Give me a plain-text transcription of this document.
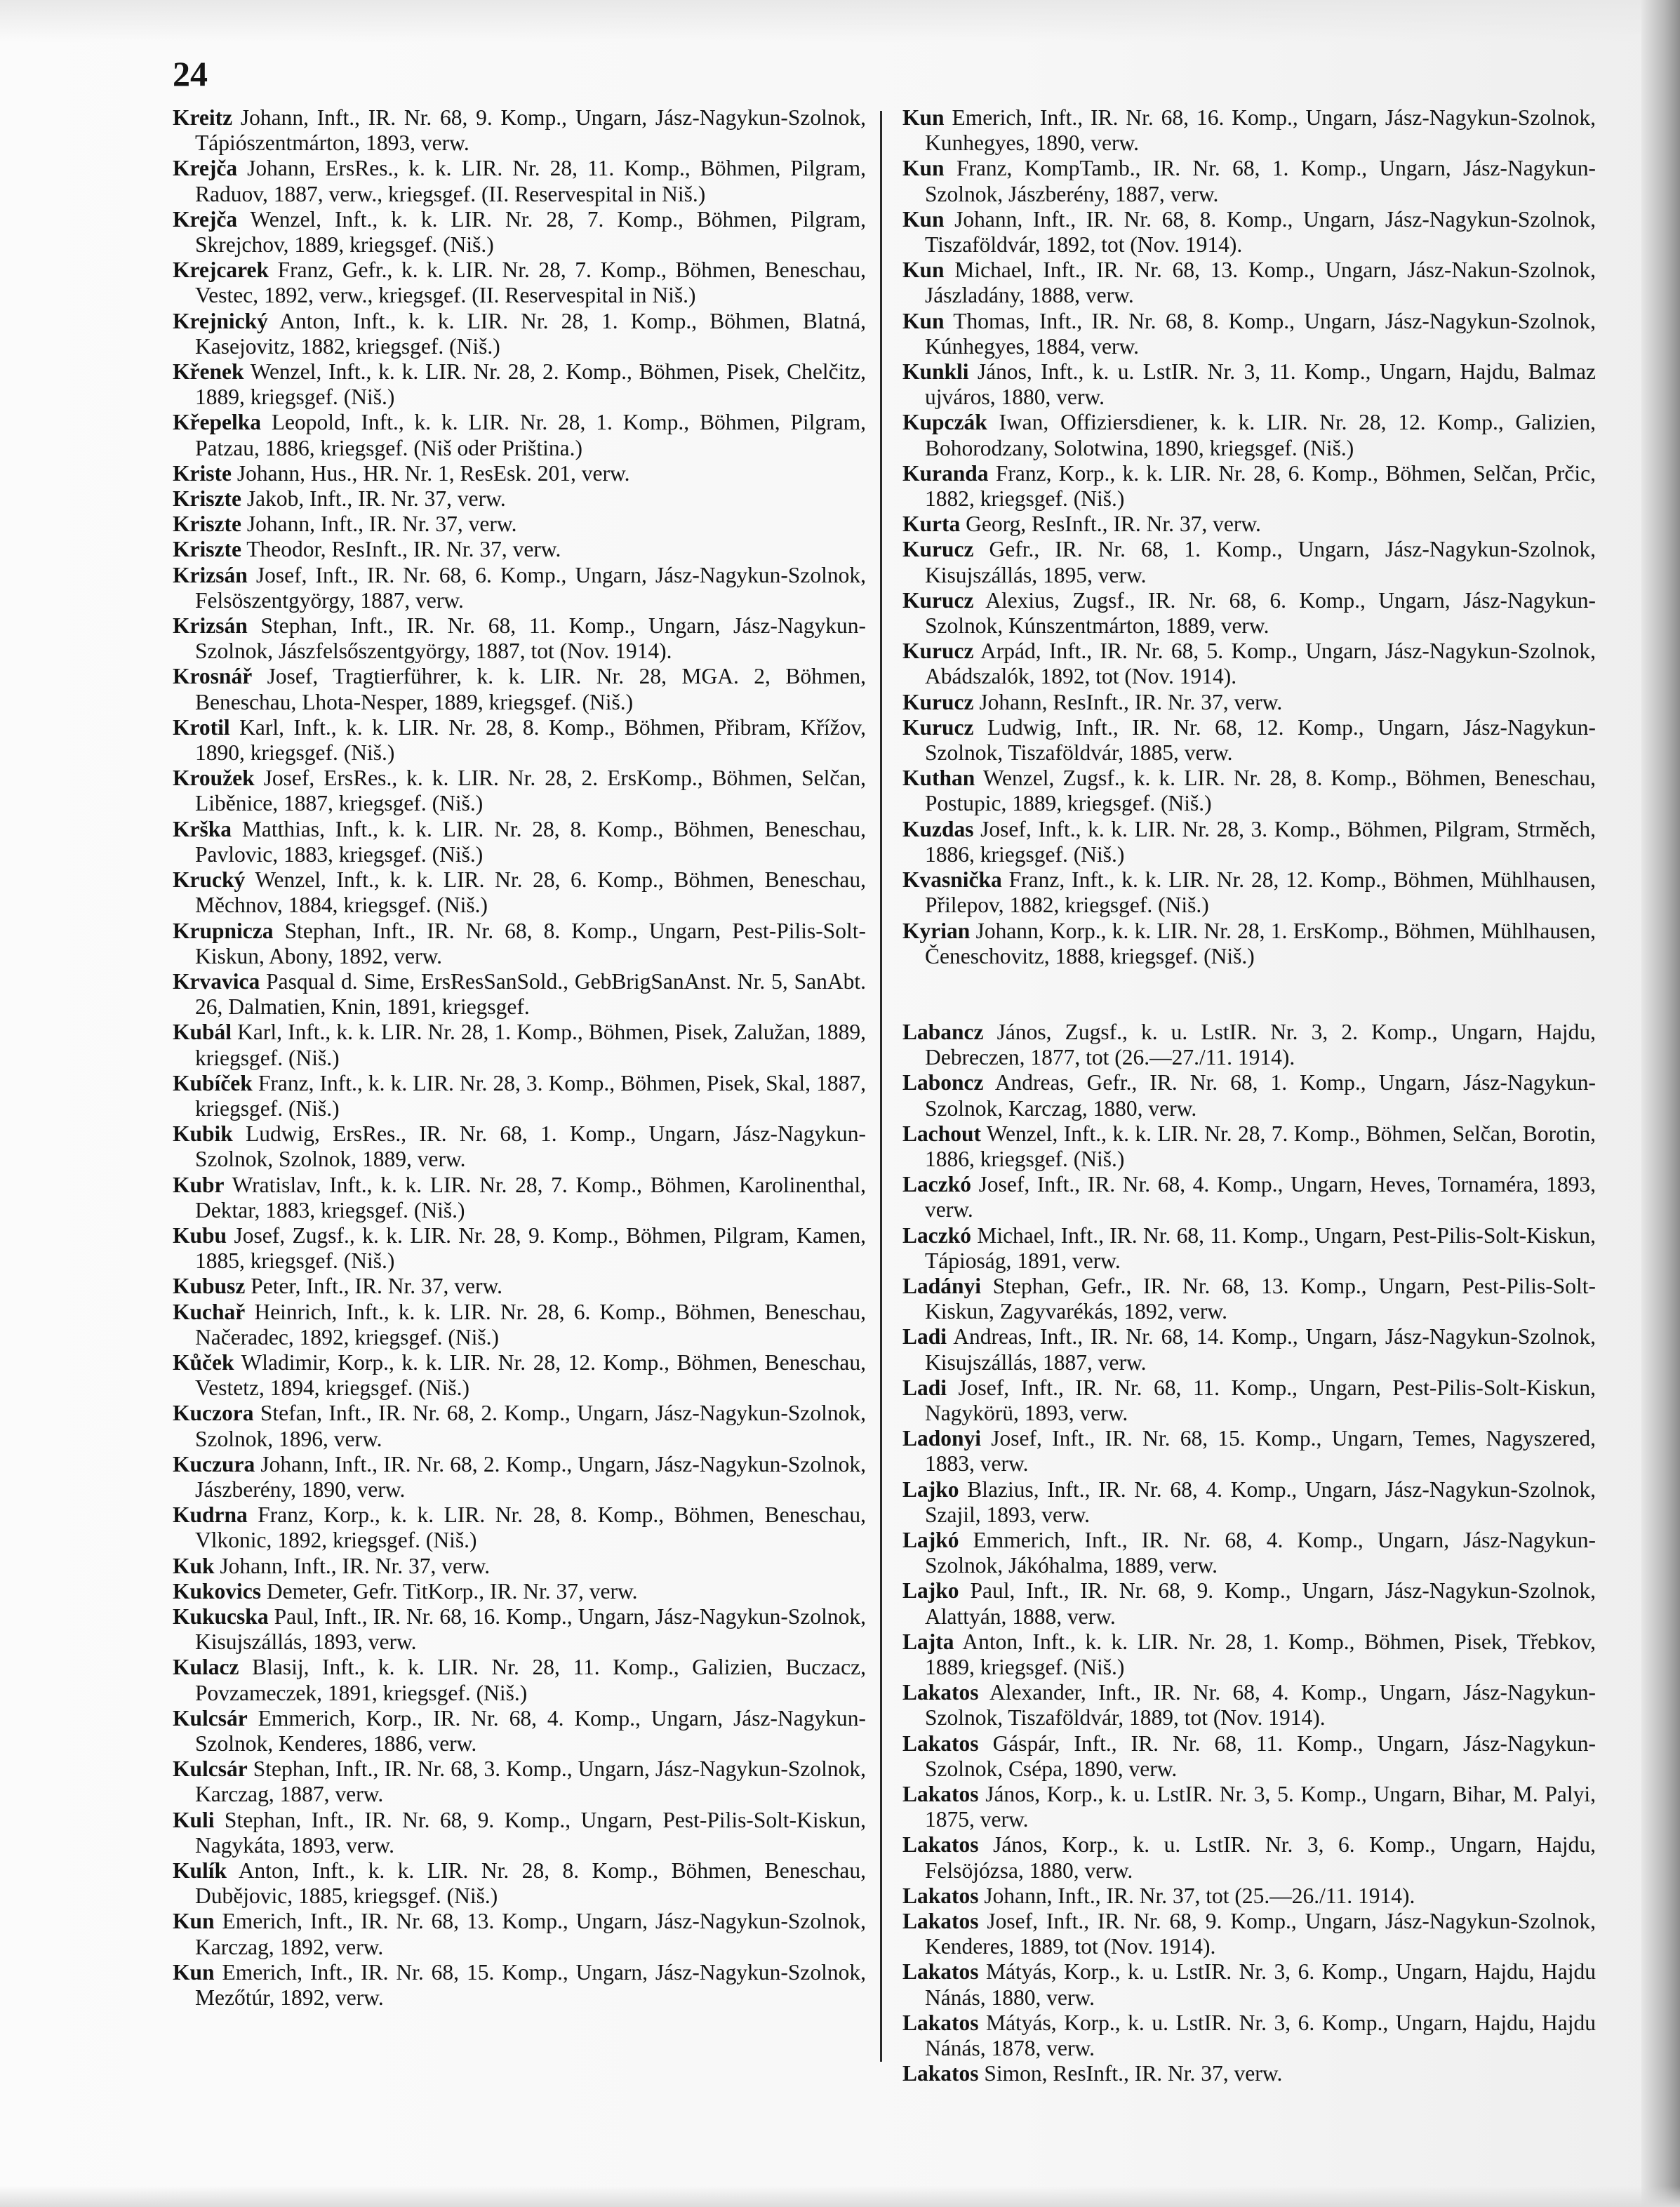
24

Kreitz Johann, Inft., IR. Nr. 68, 9. Komp., Ungarn, Jász-Nagykun-Szolnok, Tápiószentmárton, 1893, verw.

Krejča Johann, ErsRes., k. k. LIR. Nr. 28, 11. Komp., Böhmen, Pilgram, Raduov, 1887, verw., kriegsgef. (II. Reservespital in Niš.)

Krejča Wenzel, Inft., k. k. LIR. Nr. 28, 7. Komp., Böhmen, Pilgram, Skrejchov, 1889, kriegsgef. (Niš.)

Krejcarek Franz, Gefr., k. k. LIR. Nr. 28, 7. Komp., Böhmen, Beneschau, Vestec, 1892, verw., kriegsgef. (II. Reservespital in Niš.)

Krejnický Anton, Inft., k. k. LIR. Nr. 28, 1. Komp., Böhmen, Blatná, Kasejovitz, 1882, kriegsgef. (Niš.)

Křenek Wenzel, Inft., k. k. LIR. Nr. 28, 2. Komp., Böhmen, Pisek, Chelčitz, 1889, kriegsgef. (Niš.)

Křepelka Leopold, Inft., k. k. LIR. Nr. 28, 1. Komp., Böhmen, Pilgram, Patzau, 1886, kriegsgef. (Niš oder Priština.)

Kriste Johann, Hus., HR. Nr. 1, ResEsk. 201, verw.

Kriszte Jakob, Inft., IR. Nr. 37, verw.

Kriszte Johann, Inft., IR. Nr. 37, verw.

Kriszte Theodor, ResInft., IR. Nr. 37, verw.

Krizsán Josef, Inft., IR. Nr. 68, 6. Komp., Ungarn, Jász-Nagykun-Szolnok, Felsöszentgyörgy, 1887, verw.

Krizsán Stephan, Inft., IR. Nr. 68, 11. Komp., Ungarn, Jász-Nagykun-Szolnok, Jászfelsőszentgyörgy, 1887, tot (Nov. 1914).

Krosnář Josef, Tragtierführer, k. k. LIR. Nr. 28, MGA. 2, Böhmen, Beneschau, Lhota-Nesper, 1889, kriegsgef. (Niš.)

Krotil Karl, Inft., k. k. LIR. Nr. 28, 8. Komp., Böhmen, Přibram, Křížov, 1890, kriegsgef. (Niš.)

Kroužek Josef, ErsRes., k. k. LIR. Nr. 28, 2. ErsKomp., Böhmen, Selčan, Liběnice, 1887, kriegsgef. (Niš.)

Krška Matthias, Inft., k. k. LIR. Nr. 28, 8. Komp., Böhmen, Beneschau, Pavlovic, 1883, kriegsgef. (Niš.)

Krucký Wenzel, Inft., k. k. LIR. Nr. 28, 6. Komp., Böhmen, Beneschau, Měchnov, 1884, kriegsgef. (Niš.)

Krupnicza Stephan, Inft., IR. Nr. 68, 8. Komp., Ungarn, Pest-Pilis-Solt-Kiskun, Abony, 1892, verw.

Krvavica Pasqual d. Sime, ErsResSanSold., GebBrigSanAnst. Nr. 5, SanAbt. 26, Dalmatien, Knin, 1891, kriegsgef.

Kubál Karl, Inft., k. k. LIR. Nr. 28, 1. Komp., Böhmen, Pisek, Zalužan, 1889, kriegsgef. (Niš.)

Kubíček Franz, Inft., k. k. LIR. Nr. 28, 3. Komp., Böhmen, Pisek, Skal, 1887, kriegsgef. (Niš.)

Kubik Ludwig, ErsRes., IR. Nr. 68, 1. Komp., Ungarn, Jász-Nagykun-Szolnok, Szolnok, 1889, verw.

Kubr Wratislav, Inft., k. k. LIR. Nr. 28, 7. Komp., Böhmen, Karolinenthal, Dektar, 1883, kriegsgef. (Niš.)

Kubu Josef, Zugsf., k. k. LIR. Nr. 28, 9. Komp., Böhmen, Pilgram, Kamen, 1885, kriegsgef. (Niš.)

Kubusz Peter, Inft., IR. Nr. 37, verw.

Kuchař Heinrich, Inft., k. k. LIR. Nr. 28, 6. Komp., Böhmen, Beneschau, Načeradec, 1892, kriegsgef. (Niš.)

Kůček Wladimir, Korp., k. k. LIR. Nr. 28, 12. Komp., Böhmen, Beneschau, Vestetz, 1894, kriegsgef. (Niš.)

Kuczora Stefan, Inft., IR. Nr. 68, 2. Komp., Ungarn, Jász-Nagykun-Szolnok, Szolnok, 1896, verw.

Kuczura Johann, Inft., IR. Nr. 68, 2. Komp., Ungarn, Jász-Nagykun-Szolnok, Jászberény, 1890, verw.

Kudrna Franz, Korp., k. k. LIR. Nr. 28, 8. Komp., Böhmen, Beneschau, Vlkonic, 1892, kriegsgef. (Niš.)

Kuk Johann, Inft., IR. Nr. 37, verw.

Kukovics Demeter, Gefr. TitKorp., IR. Nr. 37, verw.

Kukucska Paul, Inft., IR. Nr. 68, 16. Komp., Ungarn, Jász-Nagykun-Szolnok, Kisujszállás, 1893, verw.

Kulacz Blasij, Inft., k. k. LIR. Nr. 28, 11. Komp., Galizien, Buczacz, Povzameczek, 1891, kriegsgef. (Niš.)

Kulcsár Emmerich, Korp., IR. Nr. 68, 4. Komp., Ungarn, Jász-Nagykun-Szolnok, Kenderes, 1886, verw.

Kulcsár Stephan, Inft., IR. Nr. 68, 3. Komp., Ungarn, Jász-Nagykun-Szolnok, Karczag, 1887, verw.

Kuli Stephan, Inft., IR. Nr. 68, 9. Komp., Ungarn, Pest-Pilis-Solt-Kiskun, Nagykáta, 1893, verw.

Kulík Anton, Inft., k. k. LIR. Nr. 28, 8. Komp., Böhmen, Beneschau, Dubějovic, 1885, kriegsgef. (Niš.)

Kun Emerich, Inft., IR. Nr. 68, 13. Komp., Ungarn, Jász-Nagykun-Szolnok, Karczag, 1892, verw.

Kun Emerich, Inft., IR. Nr. 68, 15. Komp., Ungarn, Jász-Nagykun-Szolnok, Mezőtúr, 1892, verw.

Kun Emerich, Inft., IR. Nr. 68, 16. Komp., Ungarn, Jász-Nagykun-Szolnok, Kunhegyes, 1890, verw.

Kun Franz, KompTamb., IR. Nr. 68, 1. Komp., Ungarn, Jász-Nagykun-Szolnok, Jászberény, 1887, verw.

Kun Johann, Inft., IR. Nr. 68, 8. Komp., Ungarn, Jász-Nagykun-Szolnok, Tiszaföldvár, 1892, tot (Nov. 1914).

Kun Michael, Inft., IR. Nr. 68, 13. Komp., Ungarn, Jász-Nakun-Szolnok, Jászladány, 1888, verw.

Kun Thomas, Inft., IR. Nr. 68, 8. Komp., Ungarn, Jász-Nagykun-Szolnok, Kúnhegyes, 1884, verw.

Kunkli János, Inft., k. u. LstIR. Nr. 3, 11. Komp., Ungarn, Hajdu, Balmaz ujváros, 1880, verw.

Kupczák Iwan, Offiziersdiener, k. k. LIR. Nr. 28, 12. Komp., Galizien, Bohorodzany, Solotwina, 1890, kriegsgef. (Niš.)

Kuranda Franz, Korp., k. k. LIR. Nr. 28, 6. Komp., Böhmen, Selčan, Prčic, 1882, kriegsgef. (Niš.)

Kurta Georg, ResInft., IR. Nr. 37, verw.

Kurucz Gefr., IR. Nr. 68, 1. Komp., Ungarn, Jász-Nagykun-Szolnok, Kisujszállás, 1895, verw.

Kurucz Alexius, Zugsf., IR. Nr. 68, 6. Komp., Ungarn, Jász-Nagykun-Szolnok, Kúnszentmárton, 1889, verw.

Kurucz Arpád, Inft., IR. Nr. 68, 5. Komp., Ungarn, Jász-Nagykun-Szolnok, Abádszalók, 1892, tot (Nov. 1914).

Kurucz Johann, ResInft., IR. Nr. 37, verw.

Kurucz Ludwig, Inft., IR. Nr. 68, 12. Komp., Ungarn, Jász-Nagykun-Szolnok, Tiszaföldvár, 1885, verw.

Kuthan Wenzel, Zugsf., k. k. LIR. Nr. 28, 8. Komp., Böhmen, Beneschau, Postupic, 1889, kriegsgef. (Niš.)

Kuzdas Josef, Inft., k. k. LIR. Nr. 28, 3. Komp., Böhmen, Pilgram, Strměch, 1886, kriegsgef. (Niš.)

Kvasnička Franz, Inft., k. k. LIR. Nr. 28, 12. Komp., Böhmen, Mühlhausen, Přilepov, 1882, kriegsgef. (Niš.)

Kyrian Johann, Korp., k. k. LIR. Nr. 28, 1. ErsKomp., Böhmen, Mühlhausen, Čeneschovitz, 1888, kriegsgef. (Niš.)

Labancz János, Zugsf., k. u. LstIR. Nr. 3, 2. Komp., Ungarn, Hajdu, Debreczen, 1877, tot (26.—27./11. 1914).

Laboncz Andreas, Gefr., IR. Nr. 68, 1. Komp., Ungarn, Jász-Nagykun-Szolnok, Karczag, 1880, verw.

Lachout Wenzel, Inft., k. k. LIR. Nr. 28, 7. Komp., Böhmen, Selčan, Borotin, 1886, kriegsgef. (Niš.)

Laczkó Josef, Inft., IR. Nr. 68, 4. Komp., Ungarn, Heves, Tornaméra, 1893, verw.

Laczkó Michael, Inft., IR. Nr. 68, 11. Komp., Ungarn, Pest-Pilis-Solt-Kiskun, Tápioság, 1891, verw.

Ladányi Stephan, Gefr., IR. Nr. 68, 13. Komp., Ungarn, Pest-Pilis-Solt-Kiskun, Zagyvarékás, 1892, verw.

Ladi Andreas, Inft., IR. Nr. 68, 14. Komp., Ungarn, Jász-Nagykun-Szolnok, Kisujszállás, 1887, verw.

Ladi Josef, Inft., IR. Nr. 68, 11. Komp., Ungarn, Pest-Pilis-Solt-Kiskun, Nagykörü, 1893, verw.

Ladonyi Josef, Inft., IR. Nr. 68, 15. Komp., Ungarn, Temes, Nagyszered, 1883, verw.

Lajko Blazius, Inft., IR. Nr. 68, 4. Komp., Ungarn, Jász-Nagykun-Szolnok, Szajil, 1893, verw.

Lajkó Emmerich, Inft., IR. Nr. 68, 4. Komp., Ungarn, Jász-Nagykun-Szolnok, Jákóhalma, 1889, verw.

Lajko Paul, Inft., IR. Nr. 68, 9. Komp., Ungarn, Jász-Nagykun-Szolnok, Alattyán, 1888, verw.

Lajta Anton, Inft., k. k. LIR. Nr. 28, 1. Komp., Böhmen, Pisek, Třebkov, 1889, kriegsgef. (Niš.)

Lakatos Alexander, Inft., IR. Nr. 68, 4. Komp., Ungarn, Jász-Nagykun-Szolnok, Tiszaföldvár, 1889, tot (Nov. 1914).

Lakatos Gáspár, Inft., IR. Nr. 68, 11. Komp., Ungarn, Jász-Nagykun-Szolnok, Csépa, 1890, verw.

Lakatos János, Korp., k. u. LstIR. Nr. 3, 5. Komp., Ungarn, Bihar, M. Palyi, 1875, verw.

Lakatos János, Korp., k. u. LstIR. Nr. 3, 6. Komp., Ungarn, Hajdu, Felsöjózsa, 1880, verw.

Lakatos Johann, Inft., IR. Nr. 37, tot (25.—26./11. 1914).

Lakatos Josef, Inft., IR. Nr. 68, 9. Komp., Ungarn, Jász-Nagykun-Szolnok, Kenderes, 1889, tot (Nov. 1914).

Lakatos Mátyás, Korp., k. u. LstIR. Nr. 3, 6. Komp., Ungarn, Hajdu, Hajdu Nánás, 1880, verw.

Lakatos Mátyás, Korp., k. u. LstIR. Nr. 3, 6. Komp., Ungarn, Hajdu, Hajdu Nánás, 1878, verw.

Lakatos Simon, ResInft., IR. Nr. 37, verw.
